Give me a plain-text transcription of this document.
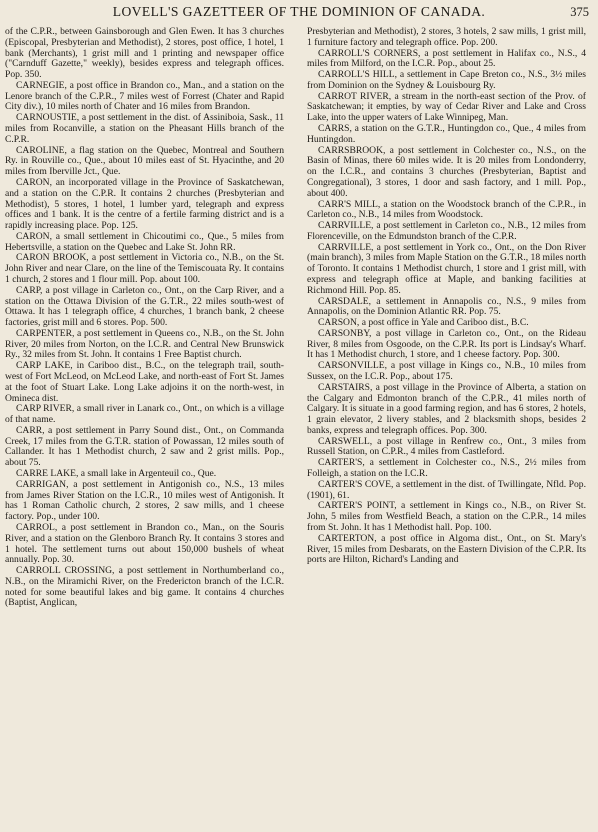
LOVELL'S GAZETTEER OF THE DOMINION OF CANADA.	375

of the C.P.R., between Gainsborough and Glen Ewen. It has 3 churches (Episcopal, Presbyterian and Methodist), 2 stores, post office, 1 hotel, 1 bank (Merchants), 1 grist mill and 1 printing and newspaper office ("Carnduff Gazette," weekly), besides express and telegraph offices. Pop. 350.

CARNEGIE, a post office in Brandon co., Man., and a station on the Lenore branch of the C.P.R., 7 miles west of Forrest (Chater and Rapid City div.), 10 miles north of Chater and 16 miles from Brandon.

CARNOUSTIE, a post settlement in the dist. of Assiniboia, Sask., 11 miles from Rocanville, a station on the Pheasant Hills branch of the C.P.R.

CAROLINE, a flag station on the Quebec, Montreal and Southern Ry. in Rouville co., Que., about 10 miles east of St. Hyacinthe, and 20 miles from Iberville Jct., Que.

CARON, an incorporated village in the Province of Saskatchewan, and a station on the C.P.R. It contains 2 churches (Presbyterian and Methodist), 5 stores, 1 hotel, 1 lumber yard, telegraph and express offices and 1 bank. It is the centre of a fertile farming district and is a rapidly increasing place. Pop. 125.

CARON, a small settlement in Chicoutimi co., Que., 5 miles from Hebertsville, a station on the Quebec and Lake St. John RR.

CARON BROOK, a post settlement in Victoria co., N.B., on the St. John River and near Clare, on the line of the Temiscouata Ry. It contains 1 church, 2 stores and 1 flour mill. Pop. about 100.

CARP, a post village in Carleton co., Ont., on the Carp River, and a station on the Ottawa Division of the G.T.R., 22 miles south-west of Ottawa. It has 1 telegraph office, 4 churches, 1 branch bank, 2 cheese factories, grist mill and 6 stores. Pop. 500.

CARPENTER, a post settlement in Queens co., N.B., on the St. John River, 20 miles from Norton, on the I.C.R. and Central New Brunswick Ry., 32 miles from St. John. It contains 1 Free Baptist church.

CARP LAKE, in Cariboo dist., B.C., on the telegraph trail, south-west of Fort McLeod, on McLeod Lake, and north-east of Fort St. James at the foot of Stuart Lake. Long Lake adjoins it on the north-west, in Omineca dist.

CARP RIVER, a small river in Lanark co., Ont., on which is a village of that name.

CARR, a post settlement in Parry Sound dist., Ont., on Commanda Creek, 17 miles from the G.T.R. station of Powassan, 12 miles south of Callander. It has 1 Methodist church, 2 saw and 2 grist mills. Pop., about 75.

CARRE LAKE, a small lake in Argenteuil co., Que.

CARRIGAN, a post settlement in Antigonish co., N.S., 13 miles from James River Station on the I.C.R., 10 miles west of Antigonish. It has 1 Roman Catholic church, 2 stores, 2 saw mills, and 1 cheese factory. Pop., under 100.

CARROL, a post settlement in Brandon co., Man., on the Souris River, and a station on the Glenboro Branch Ry. It contains 3 stores and 1 hotel. The settlement turns out about 150,000 bushels of wheat annually. Pop. 30.

CARROLL CROSSING, a post settlement in Northumberland co., N.B., on the Miramichi River, on the Fredericton branch of the I.C.R. noted for some beautiful lakes and big game. It contains 4 churches (Baptist, Anglican,

Presbyterian and Methodist), 2 stores, 3 hotels, 2 saw mills, 1 grist mill, 1 furniture factory and telegraph office. Pop. 200.

CARROLL'S CORNERS, a post settlement in Halifax co., N.S., 4 miles from Milford, on the I.C.R. Pop., about 25.

CARROLL'S HILL, a settlement in Cape Breton co., N.S., 3½ miles from Dominion on the Sydney & Louisbourg Ry.

CARROT RIVER, a stream in the north-east section of the Prov. of Saskatchewan; it empties, by way of Cedar River and Lake and Cross Lake, into the upper waters of Lake Winnipeg, Man.

CARRS, a station on the G.T.R., Huntingdon co., Que., 4 miles from Huntingdon.

CARRSBROOK, a post settlement in Colchester co., N.S., on the Basin of Minas, there 60 miles wide. It is 20 miles from Londonderry, on the I.C.R., and contains 3 churches (Presbyterian, Baptist and Congregational), 3 stores, 1 door and sash factory, and 1 mill. Pop., about 400.

CARR'S MILL, a station on the Woodstock branch of the C.P.R., in Carleton co., N.B., 14 miles from Woodstock.

CARRVILLE, a post settlement in Carleton co., N.B., 12 miles from Florenceville, on the Edmundston branch of the C.P.R.

CARRVILLE, a post settlement in York co., Ont., on the Don River (main branch), 3 miles from Maple Station on the G.T.R., 18 miles north of Toronto. It contains 1 Methodist church, 1 store and 1 grist mill, with express and telegraph office at Maple, and banking facilities at Richmond Hill. Pop. 85.

CARSDALE, a settlement in Annapolis co., N.S., 9 miles from Annapolis, on the Dominion Atlantic RR. Pop. 75.

CARSON, a post office in Yale and Cariboo dist., B.C.

CARSONBY, a post village in Carleton co., Ont., on the Rideau River, 8 miles from Osgoode, on the C.P.R. Its port is Lindsay's Wharf. It has 1 Methodist church, 1 store, and 1 cheese factory. Pop. 300.

CARSONVILLE, a post village in Kings co., N.B., 10 miles from Sussex, on the I.C.R. Pop., about 175.

CARSTAIRS, a post village in the Province of Alberta, a station on the Calgary and Edmonton branch of the C.P.R., 41 miles north of Calgary. It is situate in a good farming region, and has 6 stores, 2 hotels, 1 grain elevator, 2 livery stables, and 2 blacksmith shops, besides 2 banks, express and telegraph offices. Pop. 300.

CARSWELL, a post village in Renfrew co., Ont., 3 miles from Russell Station, on C.P.R., 4 miles from Castleford.

CARTER'S, a settlement in Colchester co., N.S., 2½ miles from Folleigh, a station on the I.C.R.

CARTER'S COVE, a settlement in the dist. of Twillingate, Nfld. Pop. (1901), 61.

CARTER'S POINT, a settlement in Kings co., N.B., on River St. John, 5 miles from Westfield Beach, a station on the C.P.R., 14 miles from St. John. It has 1 Methodist hall. Pop. 100.

CARTERTON, a post office in Algoma dist., Ont., on St. Mary's River, 15 miles from Desbarats, on the Eastern Division of the C.P.R. Its ports are Hilton, Richard's Landing and
